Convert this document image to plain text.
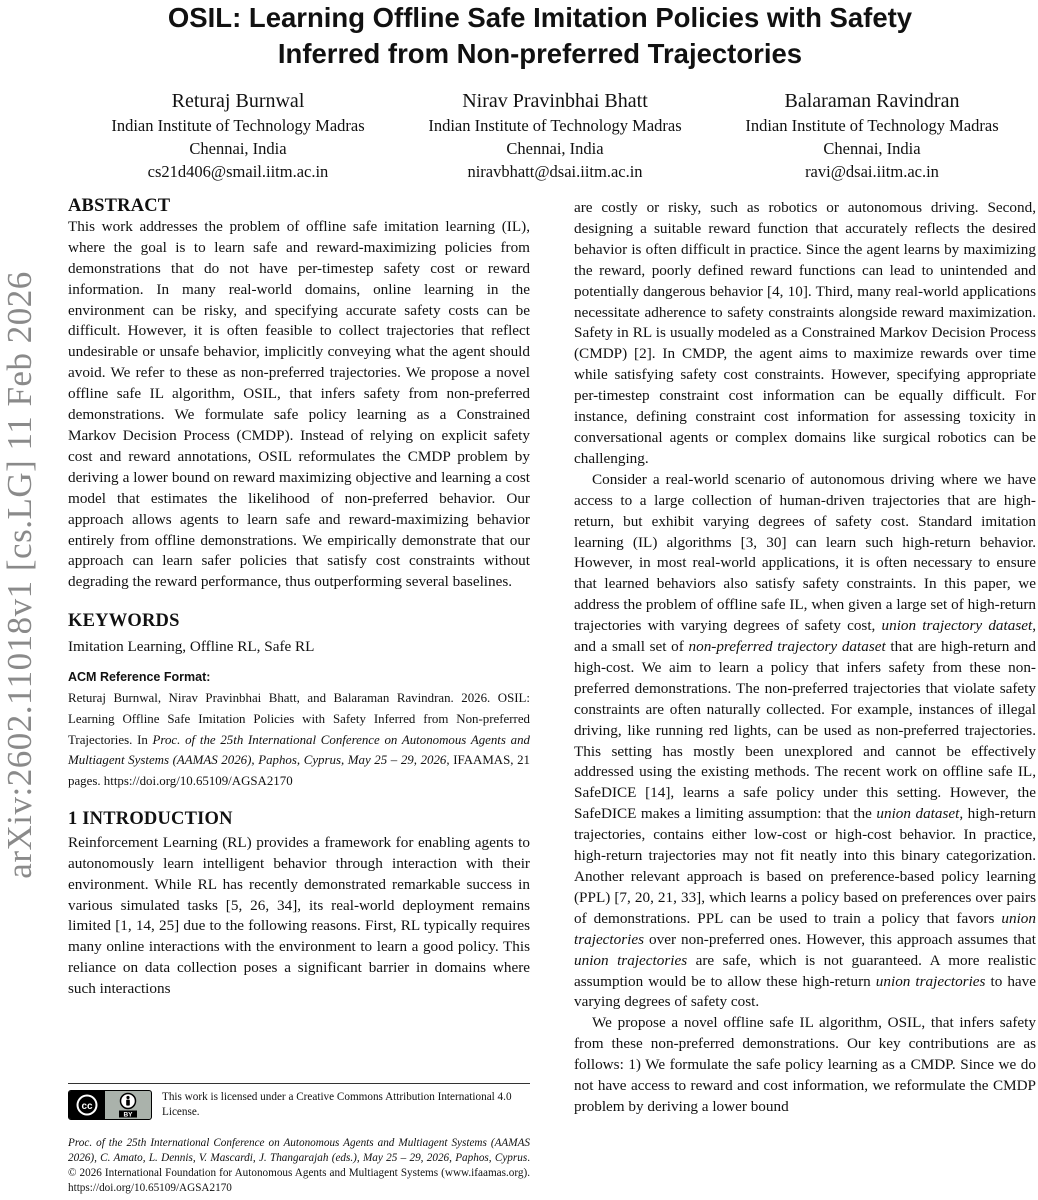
arXiv:2602.11018v1 [cs.LG] 11 Feb 2026
OSIL: Learning Offline Safe Imitation Policies with Safety
Inferred from Non-preferred Trajectories
Returaj Burnwal
Indian Institute of Technology Madras
Chennai, India
cs21d406@smail.iitm.ac.in
Nirav Pravinbhai Bhatt
Indian Institute of Technology Madras
Chennai, India
niravbhatt@dsai.iitm.ac.in
Balaraman Ravindran
Indian Institute of Technology Madras
Chennai, India
ravi@dsai.iitm.ac.in
ABSTRACT

This work addresses the problem of offline safe imitation learning (IL), where the goal is to learn safe and reward-maximizing policies from demonstrations that do not have per-timestep safety cost or reward information. In many real-world domains, online learning in the environment can be risky, and specifying accurate safety costs can be difficult. However, it is often feasible to collect trajectories that reflect undesirable or unsafe behavior, implicitly conveying what the agent should avoid. We refer to these as non-preferred trajectories. We propose a novel offline safe IL algorithm, OSIL, that infers safety from non-preferred demonstrations. We formulate safe policy learning as a Constrained Markov Decision Process (CMDP). Instead of relying on explicit safety cost and reward annotations, OSIL reformulates the CMDP problem by deriving a lower bound on reward maximizing objective and learning a cost model that estimates the likelihood of non-preferred behavior. Our approach allows agents to learn safe and reward-maximizing behavior entirely from offline demonstrations. We empirically demonstrate that our approach can learn safer policies that satisfy cost constraints without degrading the reward performance, thus outperforming several baselines.

KEYWORDS

Imitation Learning, Offline RL, Safe RL

ACM Reference Format:

Returaj Burnwal, Nirav Pravinbhai Bhatt, and Balaraman Ravindran. 2026. OSIL: Learning Offline Safe Imitation Policies with Safety Inferred from Non-preferred Trajectories. In Proc. of the 25th International Conference on Autonomous Agents and Multiagent Systems (AAMAS 2026), Paphos, Cyprus, May 25 – 29, 2026, IFAAMAS, 21 pages. https://doi.org/10.65109/AGSA2170

1 INTRODUCTION

Reinforcement Learning (RL) provides a framework for enabling agents to autonomously learn intelligent behavior through interaction with their environment. While RL has recently demonstrated remarkable success in various simulated tasks [5, 26, 34], its real-world deployment remains limited [1, 14, 25] due to the following reasons. First, RL typically requires many online interactions with the environment to learn a good policy. This reliance on data collection poses a significant barrier in domains where such interactions

cc
BY
This work is licensed under a Creative Commons Attribution International 4.0 License.
Proc. of the 25th International Conference on Autonomous Agents and Multiagent Systems (AAMAS 2026), C. Amato, L. Dennis, V. Mascardi, J. Thangarajah (eds.), May 25 – 29, 2026, Paphos, Cyprus. © 2026 International Foundation for Autonomous Agents and Multiagent Systems (www.ifaamas.org). https://doi.org/10.65109/AGSA2170

are costly or risky, such as robotics or autonomous driving. Second, designing a suitable reward function that accurately reflects the desired behavior is often difficult in practice. Since the agent learns by maximizing the reward, poorly defined reward functions can lead to unintended and potentially dangerous behavior [4, 10]. Third, many real-world applications necessitate adherence to safety constraints alongside reward maximization. Safety in RL is usually modeled as a Constrained Markov Decision Process (CMDP) [2]. In CMDP, the agent aims to maximize rewards over time while satisfying safety cost constraints. However, specifying appropriate per-timestep constraint cost information can be equally difficult. For instance, defining constraint cost information for assessing toxicity in conversational agents or complex domains like surgical robotics can be challenging.

Consider a real-world scenario of autonomous driving where we have access to a large collection of human-driven trajectories that are high-return, but exhibit varying degrees of safety cost. Standard imitation learning (IL) algorithms [3, 30] can learn such high-return behavior. However, in most real-world applications, it is often necessary to ensure that learned behaviors also satisfy safety constraints. In this paper, we address the problem of offline safe IL, when given a large set of high-return trajectories with varying degrees of safety cost, union trajectory dataset, and a small set of non-preferred trajectory dataset that are high-return and high-cost. We aim to learn a policy that infers safety from these non-preferred demonstrations. The non-preferred trajectories that violate safety constraints are often naturally collected. For example, instances of illegal driving, like running red lights, can be used as non-preferred trajectories. This setting has mostly been unexplored and cannot be effectively addressed using the existing methods. The recent work on offline safe IL, SafeDICE [14], learns a safe policy under this setting. However, the SafeDICE makes a limiting assumption: that the union dataset, high-return trajectories, contains either low-cost or high-cost behavior. In practice, high-return trajectories may not fit neatly into this binary categorization. Another relevant approach is based on preference-based policy learning (PPL) [7, 20, 21, 33], which learns a policy based on preferences over pairs of demonstrations. PPL can be used to train a policy that favors union trajectories over non-preferred ones. However, this approach assumes that union trajectories are safe, which is not guaranteed. A more realistic assumption would be to allow these high-return union trajectories to have varying degrees of safety cost.

We propose a novel offline safe IL algorithm, OSIL, that infers safety from these non-preferred demonstrations. Our key contributions are as follows: 1) We formulate the safe policy learning as a CMDP. Since we do not have access to reward and cost information, we reformulate the CMDP problem by deriving a lower bound
